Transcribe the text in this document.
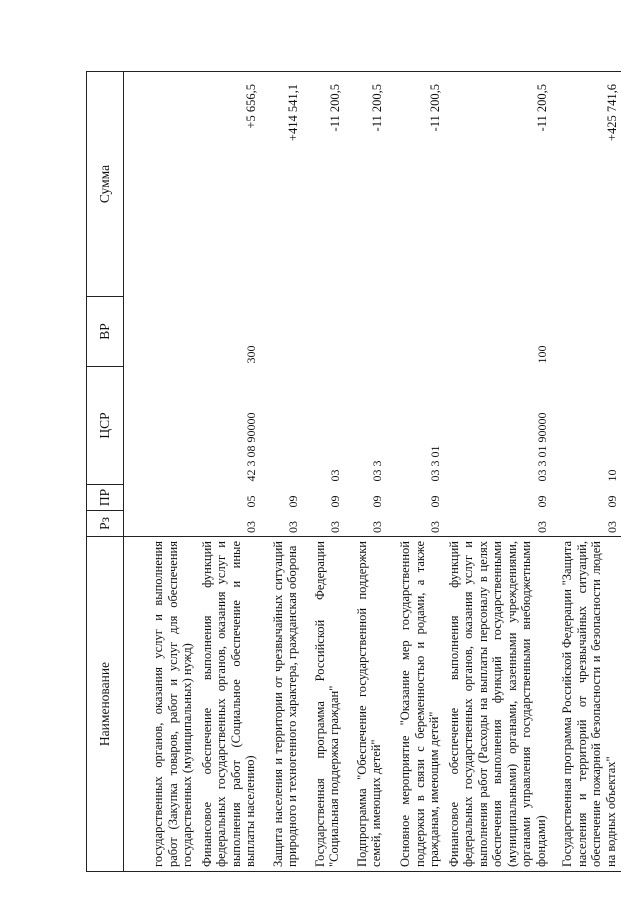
Наименование	Рз	ПР	ЦСР	ВР	Сумма
государственных органов, оказания услуг и выполнения работ (Закупка товаров, работ и услуг для обеспечения государственных (муниципальных) нужд)					
Финансовое обеспечение выполнения функций федеральных государственных органов, оказания услуг и выполнения работ (Социальное обеспечение и иные выплаты населению)	03	05	42 3 08 90000	300	+5 656,5
Защита населения и территории от чрезвычайных ситуаций природного и техногенного характера, гражданская оборона	03	09			+414 541,1
Государственная программа Российской Федерации "Социальная поддержка граждан"	03	09	03		-11 200,5
Подпрограмма "Обеспечение государственной поддержки семей, имеющих детей"	03	09	03 3		-11 200,5
Основное мероприятие "Оказание мер государственной поддержки в связи с беременностью и родами, а также гражданам, имеющим детей"	03	09	03 3 01		-11 200,5
Финансовое обеспечение выполнения функций федеральных государственных органов, оказания услуг и выполнения работ (Расходы на выплаты персоналу в целях обеспечения выполнения функций государственными (муниципальными) органами, казенными учреждениями, органами управления государственными внебюджетными фондами)	03	09	03 3 01 90000	100	-11 200,5
Государственная программа Российской Федерации "Защита населения и территорий от чрезвычайных ситуаций, обеспечение пожарной безопасности и безопасности людей на водных объектах"	03	09	10		+425 741,6
